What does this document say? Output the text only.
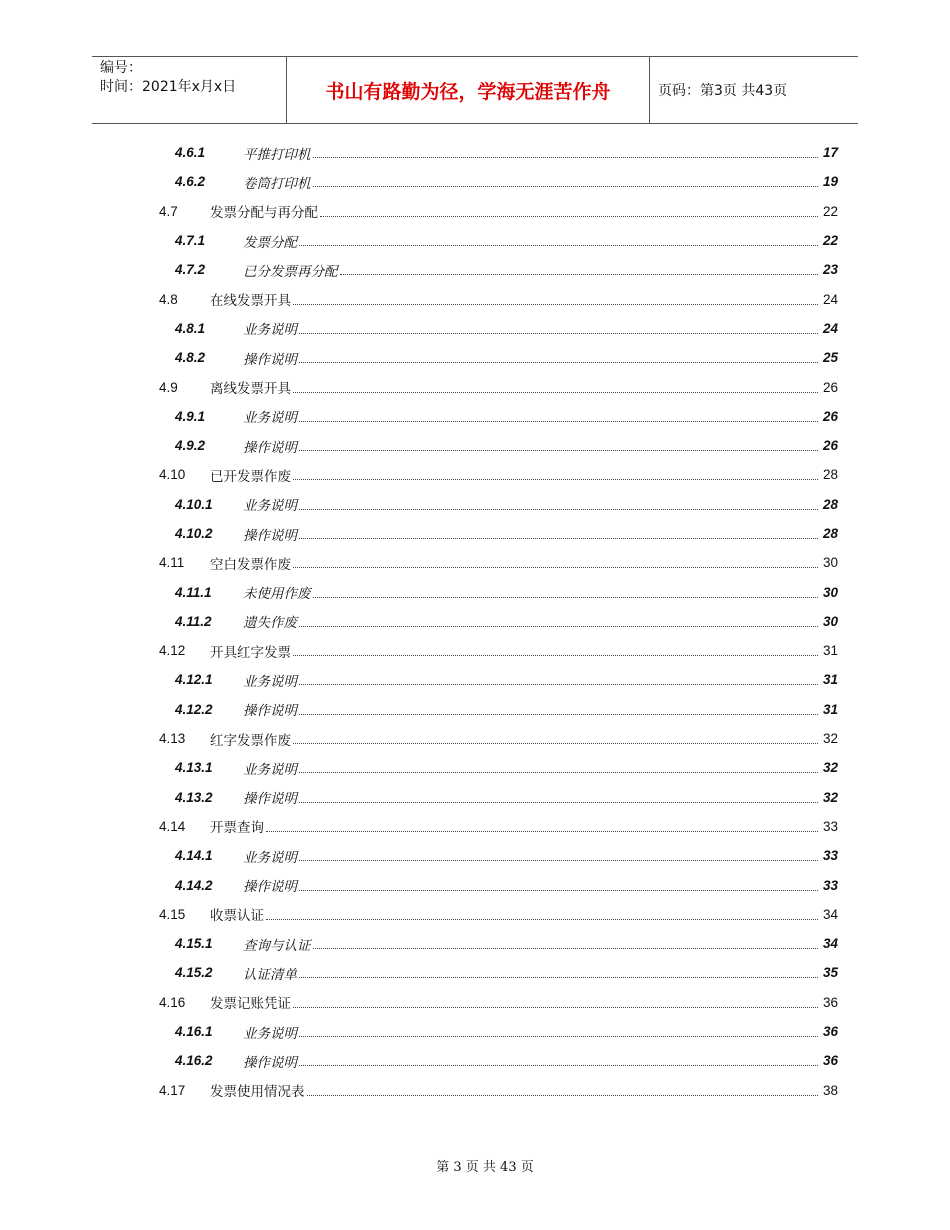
编号：
时间：2021年x月x日	书山有路勤为径，学海无涯苦作舟	页码：第3页 共43页
4.6.1	平推打印机	17
4.6.2	卷筒打印机	19
4.7 发票分配与再分配	22
4.7.1	发票分配	22
4.7.2	已分发票再分配	23
4.8 在线发票开具	24
4.8.1	业务说明	24
4.8.2	操作说明	25
4.9 离线发票开具	26
4.9.1	业务说明	26
4.9.2	操作说明	26
4.10 已开发票作废	28
4.10.1 业务说明	28
4.10.2 操作说明	28
4.11 空白发票作废	30
4.11.1 未使用作废	30
4.11.2 遗失作废	30
4.12 开具红字发票	31
4.12.1 业务说明	31
4.12.2 操作说明	31
4.13 红字发票作废	32
4.13.1 业务说明	32
4.13.2 操作说明	32
4.14 开票查询	33
4.14.1 业务说明	33
4.14.2 操作说明	33
4.15 收票认证	34
4.15.1 查询与认证	34
4.15.2 认证清单	35
4.16 发票记账凭证	36
4.16.1 业务说明	36
4.16.2 操作说明	36
4.17 发票使用情况表	38
第 3 页 共 43 页
